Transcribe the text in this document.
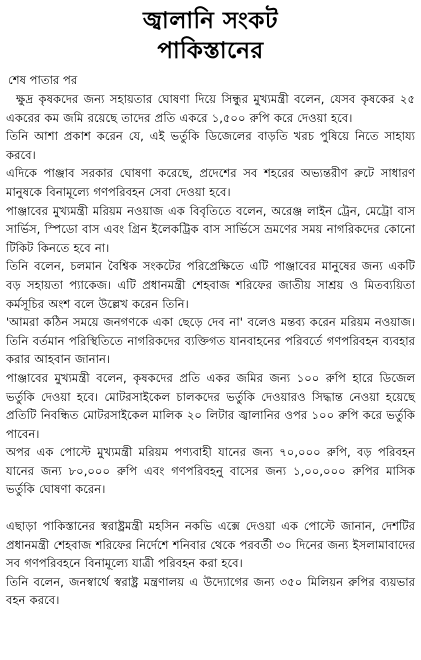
জ্বালানি সংকট
পাকিস্তানের
শেষ পাতার পর

ক্ষুদ্র কৃষকদের জন্য সহায়তার ঘোষণা দিয়ে সিন্ধুর মুখ্যমন্ত্রী বলেন, যেসব কৃষকের ২৫ একরের কম জমি রয়েছে তাদের প্রতি একরে ১,৫০০ রুপি করে দেওয়া হবে।

তিনি আশা প্রকাশ করেন যে, এই ভর্তুকি ডিজেলের বাড়তি খরচ পুষিয়ে নিতে সাহায্য করবে।

এদিকে পাঞ্জাব সরকার ঘোষণা করেছে, প্রদেশের সব শহরের অভ্যন্তরীণ রুটে সাধারণ মানুষকে বিনামূল্যে গণপরিবহন সেবা দেওয়া হবে।

পাঞ্জাবের মুখ্যমন্ত্রী মরিয়ম নওয়াজ এক বিবৃতিতে বলেন, অরেঞ্জ লাইন ট্রেন, মেট্রো বাস সার্ভিস, স্পিডো বাস এবং গ্রিন ইলেকট্রিক বাস সার্ভিসে ভ্রমণের সময় নাগরিকদের কোনো টিকিট কিনতে হবে না।

তিনি বলেন, চলমান বৈশ্বিক সংকটের পরিপ্রেক্ষিতে এটি পাঞ্জাবের মানুষের জন্য একটি বড় সহায়তা প্যাকেজ। এটি প্রধানমন্ত্রী শেহবাজ শরিফের জাতীয় সাশ্রয় ও মিতব্যয়িতা কর্মসূচির অংশ বলে উল্লেখ করেন তিনি।

'আমরা কঠিন সময়ে জনগণকে একা ছেড়ে দেব না' বলেও মন্তব্য করেন মরিয়ম নওয়াজ। তিনি বর্তমান পরিস্থিতিতে নাগরিকদের ব্যক্তিগত যানবাহনের পরিবর্তে গণপরিবহন ব্যবহার করার আহবান জানান।

পাঞ্জাবের মুখ্যমন্ত্রী বলেন, কৃষকদের প্রতি একর জমির জন্য ১০০ রুপি হারে ডিজেল ভর্তুকি দেওয়া হবে। মোটরসাইকেল চালকদের ভর্তুকি দেওয়ারও সিদ্ধান্ত নেওয়া হয়েছে প্রতিটি নিবন্ধিত মোটরসাইকেল মালিক ২০ লিটার জ্বালানির ওপর ১০০ রুপি করে ভর্তুকি পাবেন।

অপর এক পোস্টে মুখ্যমন্ত্রী মরিয়ম পণ্যবাহী যানের জন্য ৭০,০০০ রুপি, বড় পরিবহন যানের জন্য ৮০,০০০ রুপি এবং গণপরিবহনু বাসের জন্য ১,০০,০০০ রুপির মাসিক ভর্তুকি ঘোষণা করেন।

এছাড়া পাকিস্তানের স্বরাষ্ট্রমন্ত্রী মহসিন নকভি এক্সে দেওয়া এক পোস্টে জানান, দেশটির প্রধানমন্ত্রী শেহবাজ শরিফের নির্দেশে শনিবার থেকে পরবর্তী ৩০ দিনের জন্য ইসলামাবাদের সব গণপরিবহনে বিনামূল্যে যাত্রী পরিবহন করা হবে।

তিনি বলেন, জনস্বার্থে স্বরাষ্ট্র মন্ত্রণালয় এ উদ্যোগের জন্য ৩৫০ মিলিয়ন রুপির ব্যয়ভার বহন করবে।
